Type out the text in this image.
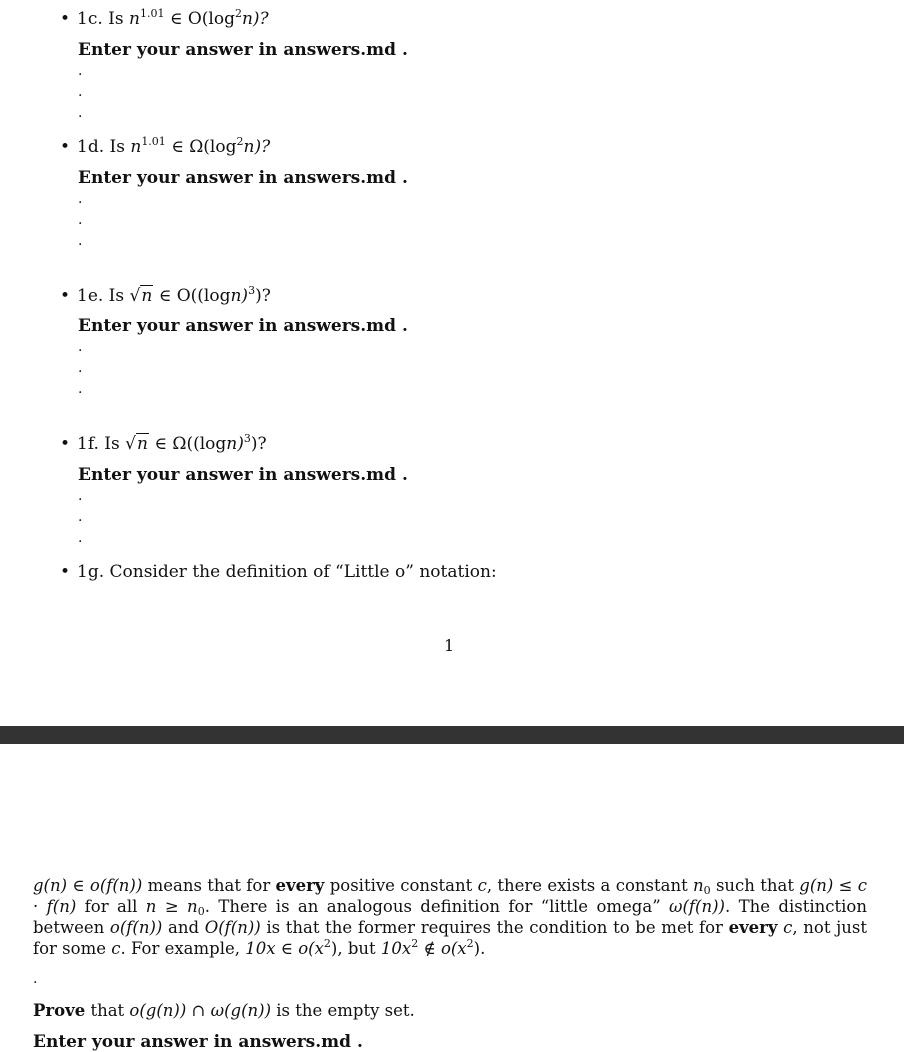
• 1c. Is $n^{1.01}$ ∈ $O(\log^2n)$?
Enter your answer in answers.md .
.
.
.
• 1d. Is $n^{1.01}$ ∈ $\Omega(\log^2n)$?
Enter your answer in answers.md .
.
.
.
• 1e. Is √n ∈ $O((\log n)^3)$?
Enter your answer in answers.md .
.
.
.
• 1f. Is √n ∈ $\Omega((\log n)^3)$?
Enter your answer in answers.md .
.
.
.
• 1g. Consider the definition of “Little o” notation:
1
g(n) ∈ o(f(n)) means that for every positive constant c, there exists a constant $n_0$ such that g(n) ≤ c · f(n) for all $n \ge n_0$. There is an analogous definition for “little omega” ω(f(n)). The distinction between o(f(n)) and O(f(n)) is that the former requires the condition to be met for every c, not just for some c. For example, 10x ∈ $o(x^2)$, but $10x^2$ ∉ $o(x^2)$.
.
Prove that o(g(n)) ∩ ω(g(n)) is the empty set.
Enter your answer in answers.md .
